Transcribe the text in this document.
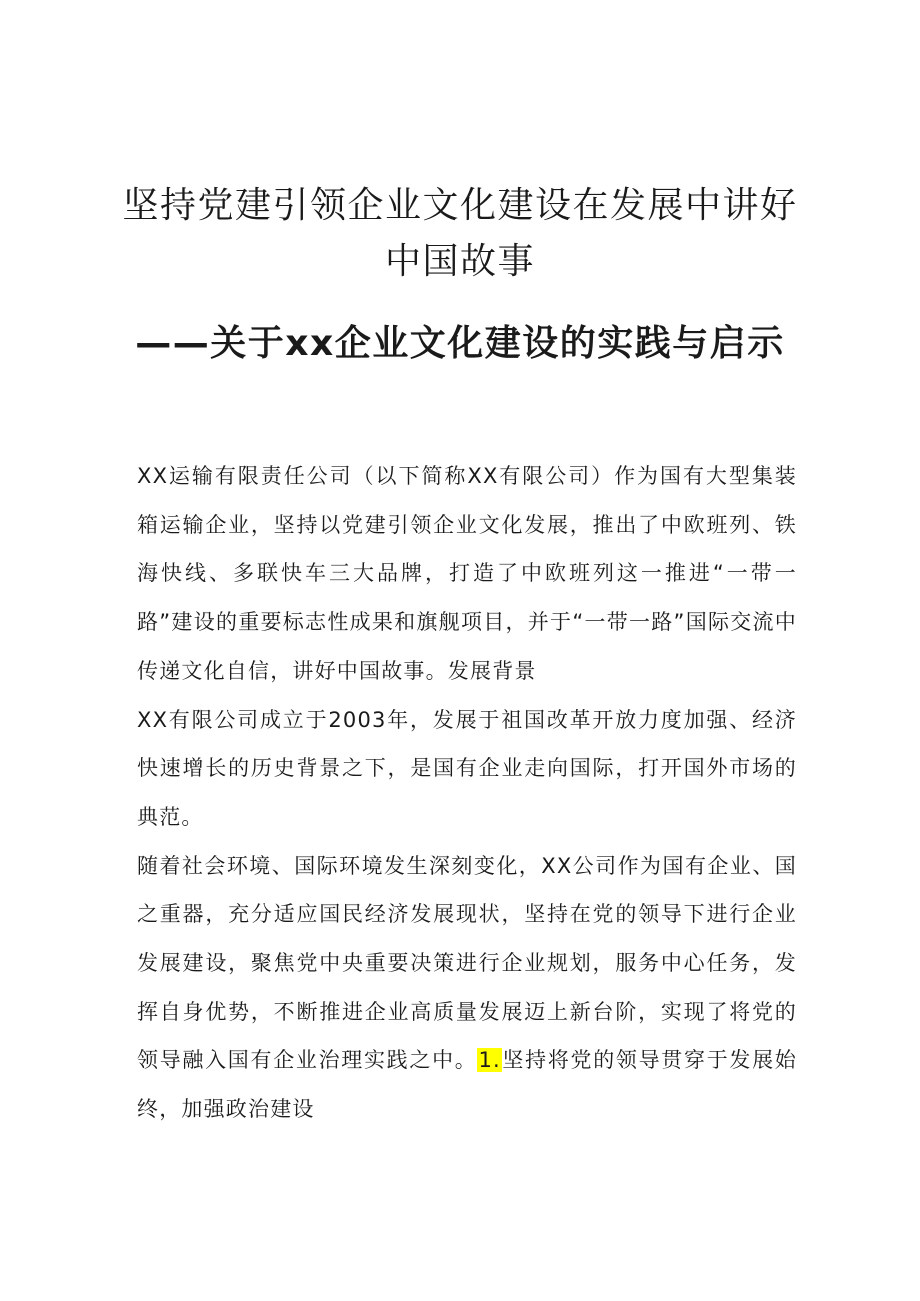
坚持党建引领企业文化建设在发展中讲好
中国故事
——关于xx企业文化建设的实践与启示

XX运输有限责任公司（以下简称XX有限公司）作为国有大型集装箱运输企业，坚持以党建引领企业文化发展，推出了中欧班列、铁海快线、多联快车三大品牌，打造了中欧班列这一推进“一带一路”建设的重要标志性成果和旗舰项目，并于“一带一路”国际交流中传递文化自信，讲好中国故事。发展背景

XX有限公司成立于2003年，发展于祖国改革开放力度加强、经济快速增长的历史背景之下，是国有企业走向国际，打开国外市场的典范。

随着社会环境、国际环境发生深刻变化，XX公司作为国有企业、国之重器，充分适应国民经济发展现状，坚持在党的领导下进行企业发展建设，聚焦党中央重要决策进行企业规划，服务中心任务，发挥自身优势，不断推进企业高质量发展迈上新台阶，实现了将党的领导融入国有企业治理实践之中。1.坚持将党的领导贯穿于发展始终，加强政治建设
